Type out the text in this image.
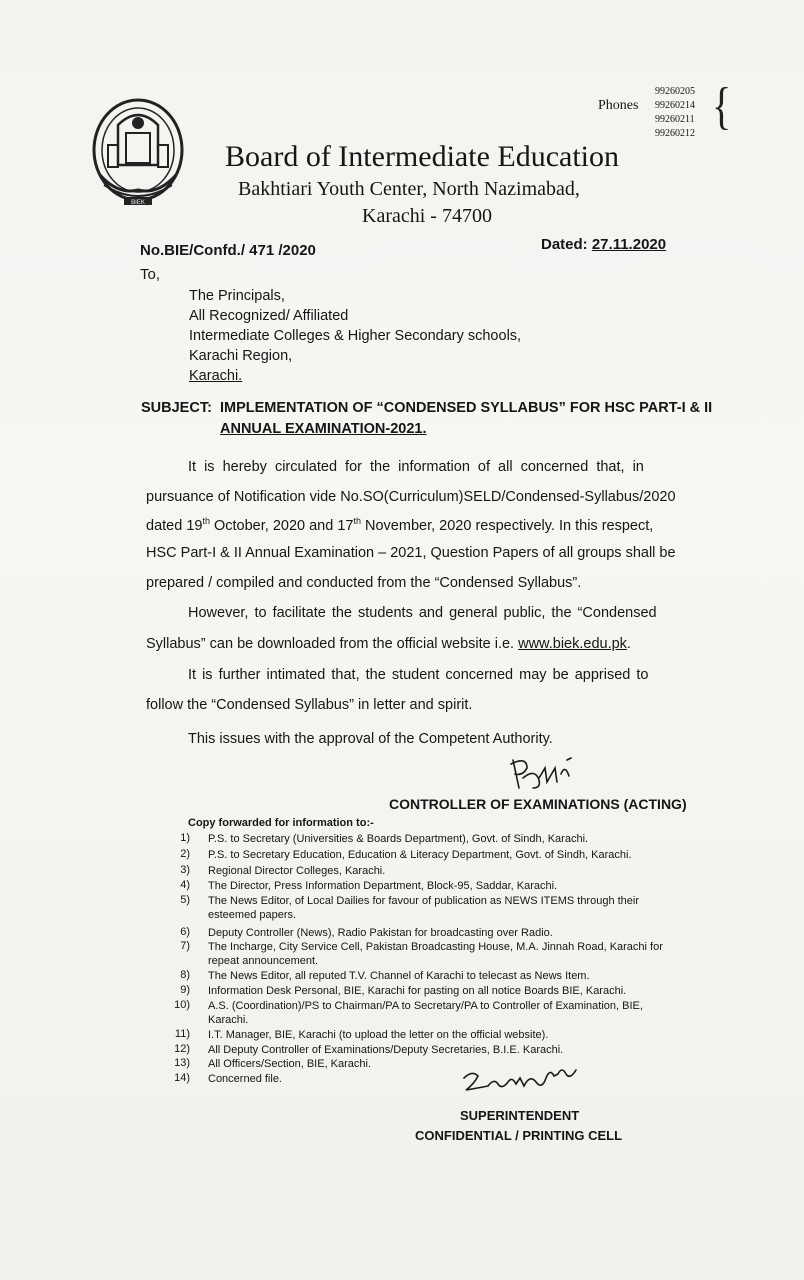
BIEK
Phones
99260205
99260214
99260211
99260212 {
Board of Intermediate Education
Bakhtiari Youth Center, North Nazimabad,
Karachi - 74700
No.BIE/Confd./ 471 /2020	Dated: 27.11.2020
To,
The Principals,
All Recognized/ Affiliated
Intermediate Colleges & Higher Secondary schools,
Karachi Region,
Karachi.
SUBJECT: IMPLEMENTATION OF “CONDENSED SYLLABUS” FOR HSC PART-I & II
ANNUAL EXAMINATION-2021.
It is hereby circulated for the information of all concerned that, in
pursuance of Notification vide No.SO(Curriculum)SELD/Condensed-Syllabus/2020
dated 19th October, 2020 and 17th November, 2020 respectively. In this respect,
HSC Part-I & II Annual Examination – 2021, Question Papers of all groups shall be
prepared / compiled and conducted from the “Condensed Syllabus”.
However, to facilitate the students and general public, the “Condensed
Syllabus” can be downloaded from the official website i.e. www.biek.edu.pk.
It is further intimated that, the student concerned may be apprised to
follow the “Condensed Syllabus” in letter and spirit.
This issues with the approval of the Competent Authority.
CONTROLLER OF EXAMINATIONS (ACTING)
Copy forwarded for information to:-
1) P.S. to Secretary (Universities & Boards Department), Govt. of Sindh, Karachi.
2) P.S. to Secretary Education, Education & Literacy Department, Govt. of Sindh, Karachi.
3) Regional Director Colleges, Karachi.
4) The Director, Press Information Department, Block-95, Saddar, Karachi.
5) The News Editor, of Local Dailies for favour of publication as NEWS ITEMS through their esteemed papers.
6) Deputy Controller (News), Radio Pakistan for broadcasting over Radio.
7) The Incharge, City Service Cell, Pakistan Broadcasting House, M.A. Jinnah Road, Karachi for repeat announcement.
8) The News Editor, all reputed T.V. Channel of Karachi to telecast as News Item.
9) Information Desk Personal, BIE, Karachi for pasting on all notice Boards BIE, Karachi.
10) A.S. (Coordination)/PS to Chairman/PA to Secretary/PA to Controller of Examination, BIE, Karachi.
11) I.T. Manager, BIE, Karachi (to upload the letter on the official website).
12) All Deputy Controller of Examinations/Deputy Secretaries, B.I.E. Karachi.
13) All Officers/Section, BIE, Karachi.
14) Concerned file.
SUPERINTENDENT
CONFIDENTIAL / PRINTING CELL
